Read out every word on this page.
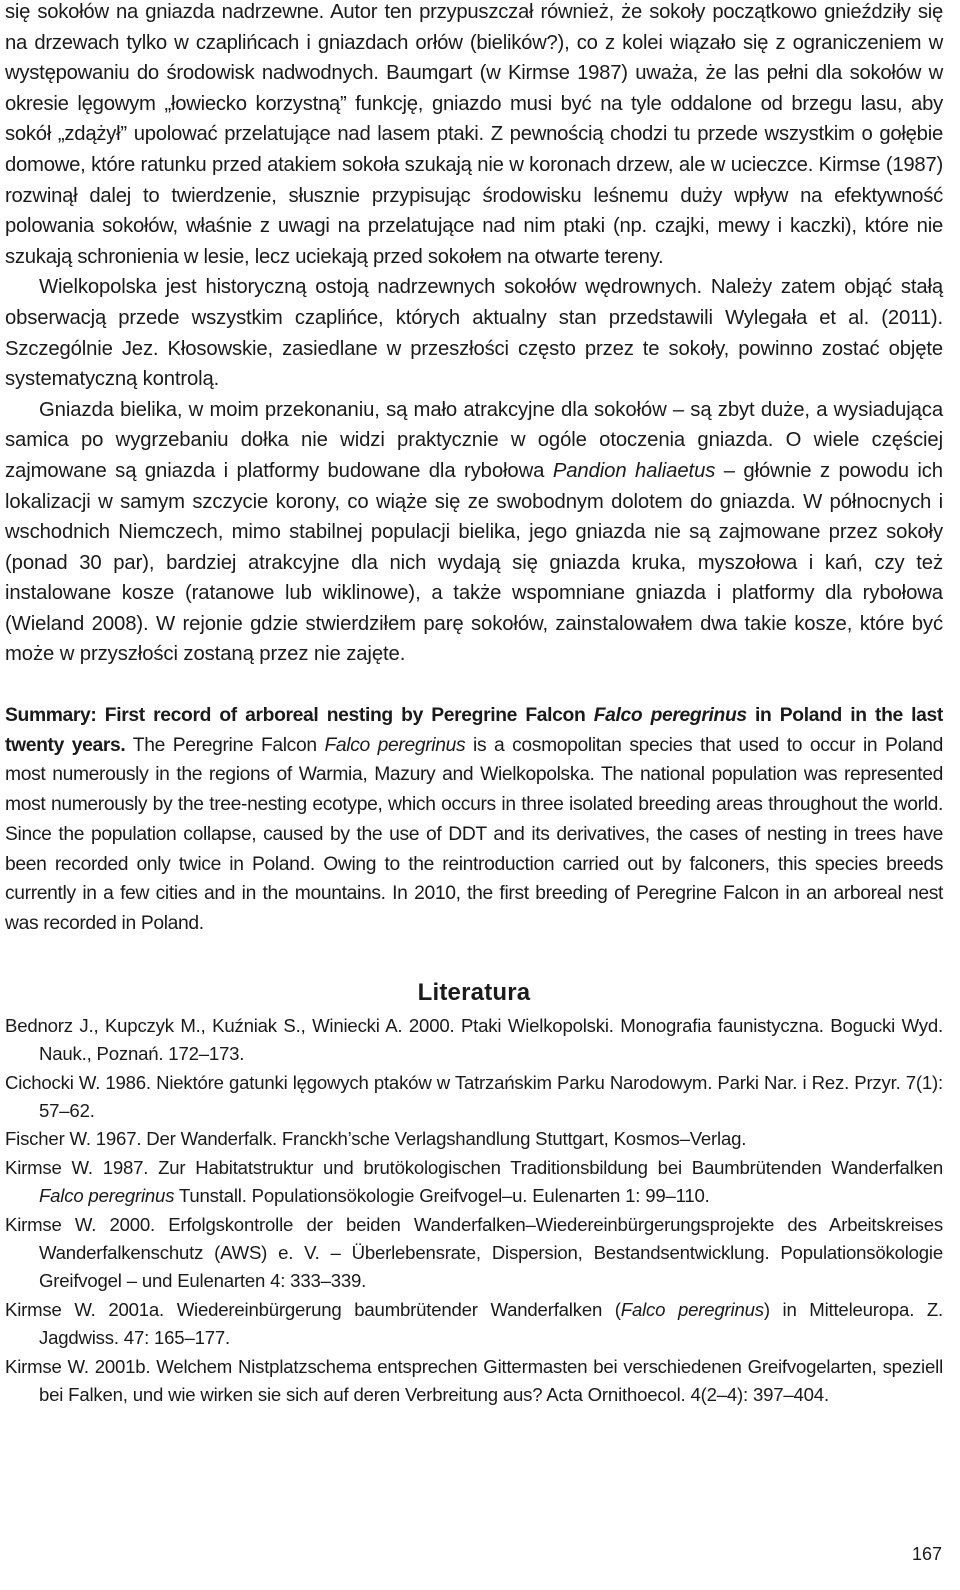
się sokołów na gniazda nadrzewne. Autor ten przypuszczał również, że sokoły początkowo gnieździły się na drzewach tylko w czaplińcach i gniazdach orłów (bielików?), co z kolei wiązało się z ograniczeniem w występowaniu do środowisk nadwodnych. Baumgart (w Kirmse 1987) uważa, że las pełni dla sokołów w okresie lęgowym „łowiecko korzystną” funkcję, gniazdo musi być na tyle oddalone od brzegu lasu, aby sokół „zdążył” upolować przelatujące nad lasem ptaki. Z pewnością chodzi tu przede wszystkim o gołębie domowe, które ratunku przed atakiem sokoła szukają nie w koronach drzew, ale w ucieczce. Kirmse (1987) rozwinął dalej to twierdzenie, słusznie przypisując środowisku leśnemu duży wpływ na efektywność polowania sokołów, właśnie z uwagi na przelatujące nad nim ptaki (np. czajki, mewy i kaczki), które nie szukają schronienia w lesie, lecz uciekają przed sokołem na otwarte tereny.

Wielkopolska jest historyczną ostoją nadrzewnych sokołów wędrownych. Należy zatem objąć stałą obserwacją przede wszystkim czaplińce, których aktualny stan przedstawili Wylegała et al. (2011). Szczególnie Jez. Kłosowskie, zasiedlane w przeszłości często przez te sokoły, powinno zostać objęte systematyczną kontrolą.

Gniazda bielika, w moim przekonaniu, są mało atrakcyjne dla sokołów – są zbyt duże, a wysiadująca samica po wygrzebaniu dołka nie widzi praktycznie w ogóle otoczenia gniazda. O wiele częściej zajmowane są gniazda i platformy budowane dla rybołowa Pandion haliaetus – głównie z powodu ich lokalizacji w samym szczycie korony, co wiąże się ze swobodnym dolotem do gniazda. W północnych i wschodnich Niemczech, mimo stabilnej populacji bielika, jego gniazda nie są zajmowane przez sokoły (ponad 30 par), bardziej atrakcyjne dla nich wydają się gniazda kruka, myszołowa i kań, czy też instalowane kosze (ratanowe lub wiklinowe), a także wspomniane gniazda i platformy dla rybołowa (Wieland 2008). W rejonie gdzie stwierdziłem parę sokołów, zainstalowałem dwa takie kosze, które być może w przyszłości zostaną przez nie zajęte.

Summary: First record of arboreal nesting by Peregrine Falcon Falco peregrinus in Poland in the last twenty years. The Peregrine Falcon Falco peregrinus is a cosmopolitan species that used to occur in Poland most numerously in the regions of Warmia, Mazury and Wielkopolska. The national population was represented most numerously by the tree-nesting ecotype, which occurs in three isolated breeding areas throughout the world. Since the population collapse, caused by the use of DDT and its derivatives, the cases of nesting in trees have been recorded only twice in Poland. Owing to the reintroduction carried out by falconers, this species breeds currently in a few cities and in the mountains. In 2010, the first breeding of Peregrine Falcon in an arboreal nest was recorded in Poland.

Literatura
Bednorz J., Kupczyk M., Kuźniak S., Winiecki A. 2000. Ptaki Wielkopolski. Monografia faunistyczna. Bogucki Wyd. Nauk., Poznań. 172–173.
Cichocki W. 1986. Niektóre gatunki lęgowych ptaków w Tatrzańskim Parku Narodowym. Parki Nar. i Rez. Przyr. 7(1): 57–62.
Fischer W. 1967. Der Wanderfalk. Franckh’sche Verlagshandlung Stuttgart, Kosmos–Verlag.
Kirmse W. 1987. Zur Habitatstruktur und brutökologischen Traditionsbildung bei Baumbrütenden Wanderfalken Falco peregrinus Tunstall. Populationsökologie Greifvogel–u. Eulenarten 1: 99–110.
Kirmse W. 2000. Erfolgskontrolle der beiden Wanderfalken–Wiedereinbürgerungsprojekte des Arbeitskreises Wanderfalkenschutz (AWS) e. V. – Überlebensrate, Dispersion, Bestandsentwicklung. Populationsökologie Greifvogel – und Eulenarten 4: 333–339.
Kirmse W. 2001a. Wiedereinbürgerung baumbrütender Wanderfalken (Falco peregrinus) in Mitteleuropa. Z. Jagdwiss. 47: 165–177.
Kirmse W. 2001b. Welchem Nistplatzschema entsprechen Gittermasten bei verschiedenen Greifvogelarten, speziell bei Falken, und wie wirken sie sich auf deren Verbreitung aus? Acta Ornithoecol. 4(2–4): 397–404.
167
